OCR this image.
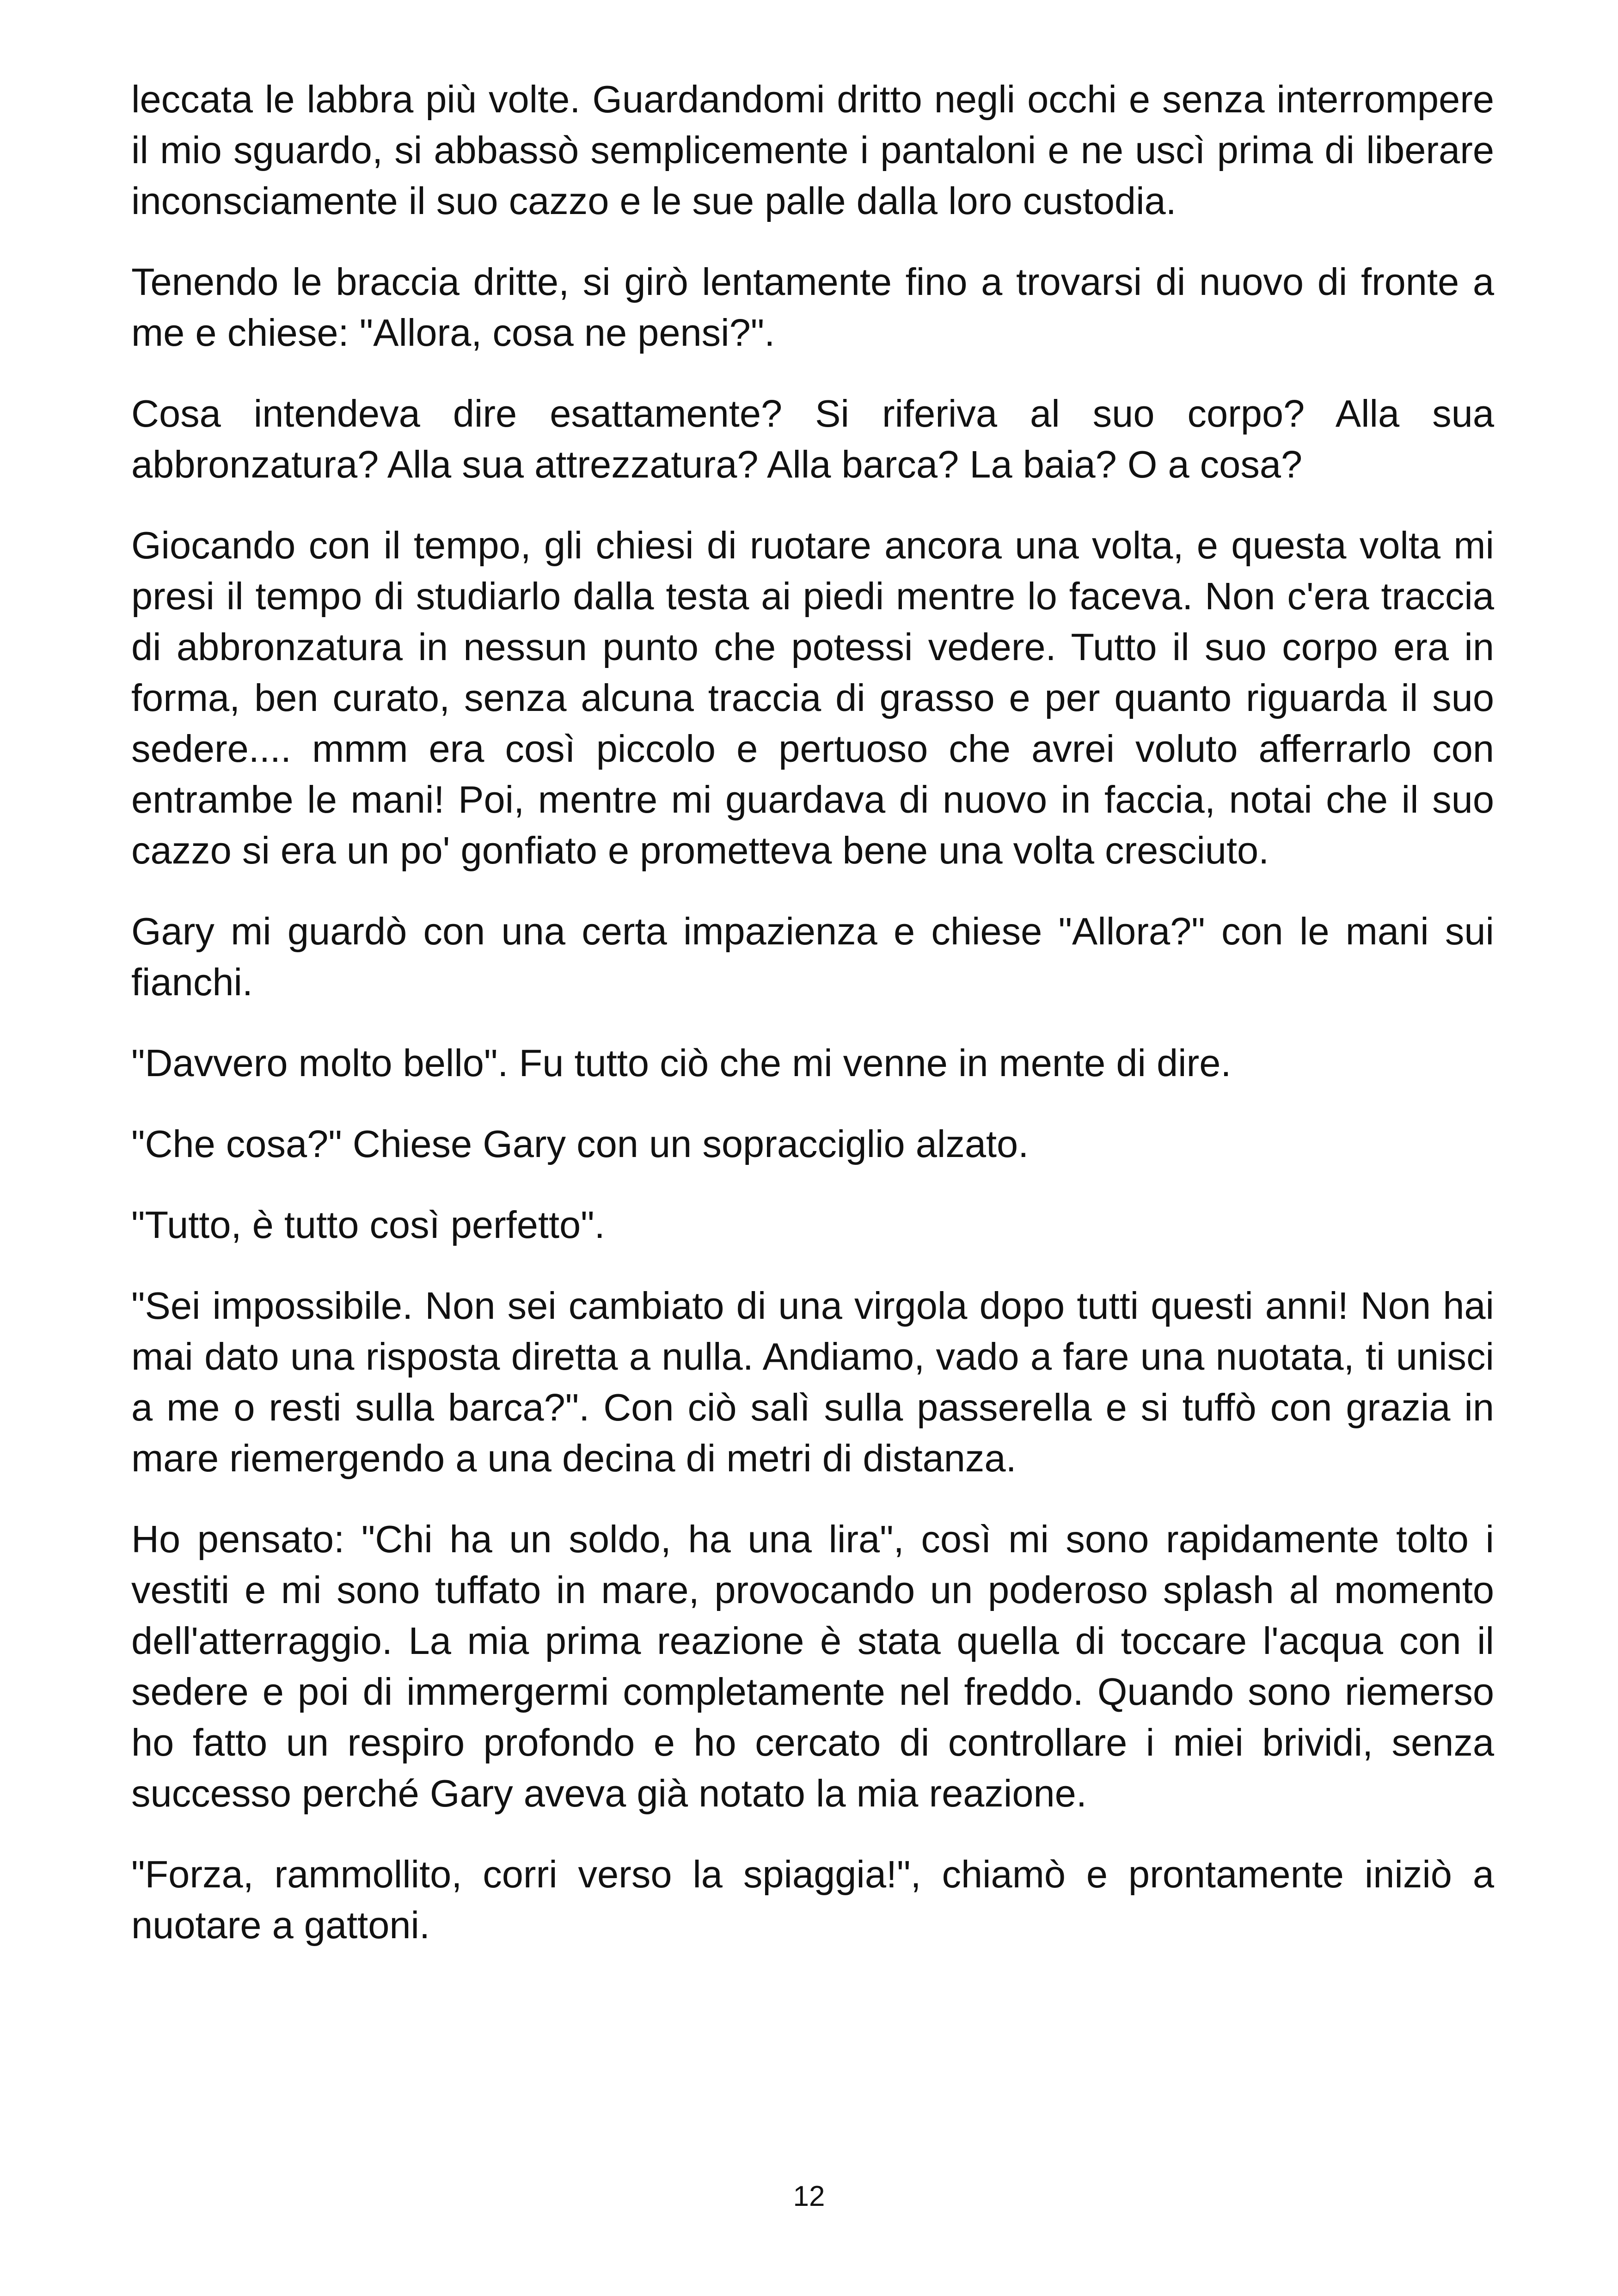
leccata le labbra più volte. Guardandomi dritto negli occhi e senza interrompere il mio sguardo, si abbassò semplicemente i pantaloni e ne uscì prima di liberare inconsciamente il suo cazzo e le sue palle dalla loro custodia.

Tenendo le braccia dritte, si girò lentamente fino a trovarsi di nuovo di fronte a me e chiese: "Allora, cosa ne pensi?".

Cosa intendeva dire esattamente? Si riferiva al suo corpo? Alla sua abbronzatura? Alla sua attrezzatura? Alla barca? La baia? O a cosa?

Giocando con il tempo, gli chiesi di ruotare ancora una volta, e questa volta mi presi il tempo di studiarlo dalla testa ai piedi mentre lo faceva. Non c'era traccia di abbronzatura in nessun punto che potessi vedere. Tutto il suo corpo era in forma, ben curato, senza alcuna traccia di grasso e per quanto riguarda il suo sedere.... mmm era così piccolo e pertuoso che avrei voluto afferrarlo con entrambe le mani! Poi, mentre mi guardava di nuovo in faccia, notai che il suo cazzo si era un po' gonfiato e prometteva bene una volta cresciuto.

Gary mi guardò con una certa impazienza e chiese "Allora?" con le mani sui fianchi.

"Davvero molto bello". Fu tutto ciò che mi venne in mente di dire.

"Che cosa?" Chiese Gary con un sopracciglio alzato.

"Tutto, è tutto così perfetto".

"Sei impossibile. Non sei cambiato di una virgola dopo tutti questi anni! Non hai mai dato una risposta diretta a nulla. Andiamo, vado a fare una nuotata, ti unisci a me o resti sulla barca?". Con ciò salì sulla passerella e si tuffò con grazia in mare riemergendo a una decina di metri di distanza.

Ho pensato: "Chi ha un soldo, ha una lira", così mi sono rapidamente tolto i vestiti e mi sono tuffato in mare, provocando un poderoso splash al momento dell'atterraggio. La mia prima reazione è stata quella di toccare l'acqua con il sedere e poi di immergermi completamente nel freddo. Quando sono riemerso ho fatto un respiro profondo e ho cercato di controllare i miei brividi, senza successo perché Gary aveva già notato la mia reazione.

"Forza, rammollito, corri verso la spiaggia!", chiamò e prontamente iniziò a nuotare a gattoni.

12
